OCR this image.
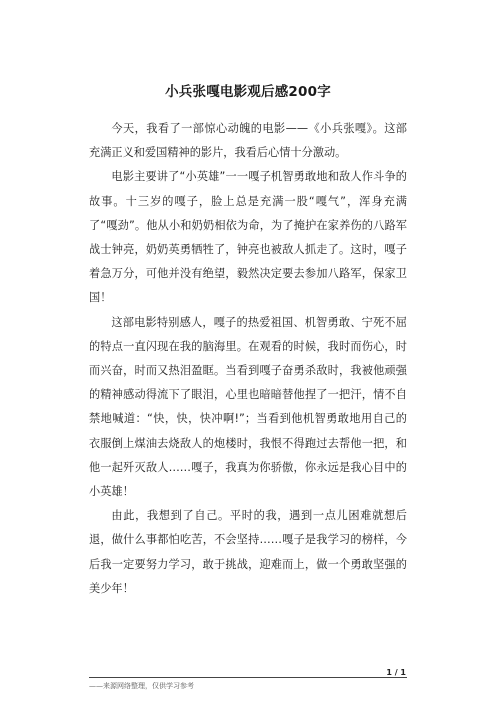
小兵张嘎电影观后感200字

今天，我看了一部惊心动魄的电影——《小兵张嘎》。这部充满正义和爱国精神的影片，我看后心情十分激动。

电影主要讲了“小英雄”一一嘎子机智勇敢地和敌人作斗争的故事。十三岁的嘎子，脸上总是充满一股“嘎气”，浑身充满了“嘎劲”。他从小和奶奶相依为命，为了掩护在家养伤的八路军战士钟亮，奶奶英勇牺牲了，钟亮也被敌人抓走了。这时，嘎子着急万分，可他并没有绝望，毅然决定要去参加八路军，保家卫国！

这部电影特别感人，嘎子的热爱祖国、机智勇敢、宁死不屈的特点一直闪现在我的脑海里。在观看的时候，我时而伤心，时而兴奋，时而又热泪盈眶。当看到嘎子奋勇杀敌时，我被他顽强的精神感动得流下了眼泪，心里也暗暗替他捏了一把汗，情不自禁地喊道：“快，快，快冲啊!”；当看到他机智勇敢地用自己的衣服倒上煤油去烧敌人的炮楼时，我恨不得跑过去帮他一把，和他一起歼灭敌人……嘎子，我真为你骄傲，你永远是我心目中的小英雄！

由此，我想到了自己。平时的我，遇到一点儿困难就想后退，做什么事都怕吃苦，不会坚持……嘎子是我学习的榜样，今后我一定要努力学习，敢于挑战，迎难而上，做一个勇敢坚强的美少年！

1 / 1
——来源网络整理，仅供学习参考
